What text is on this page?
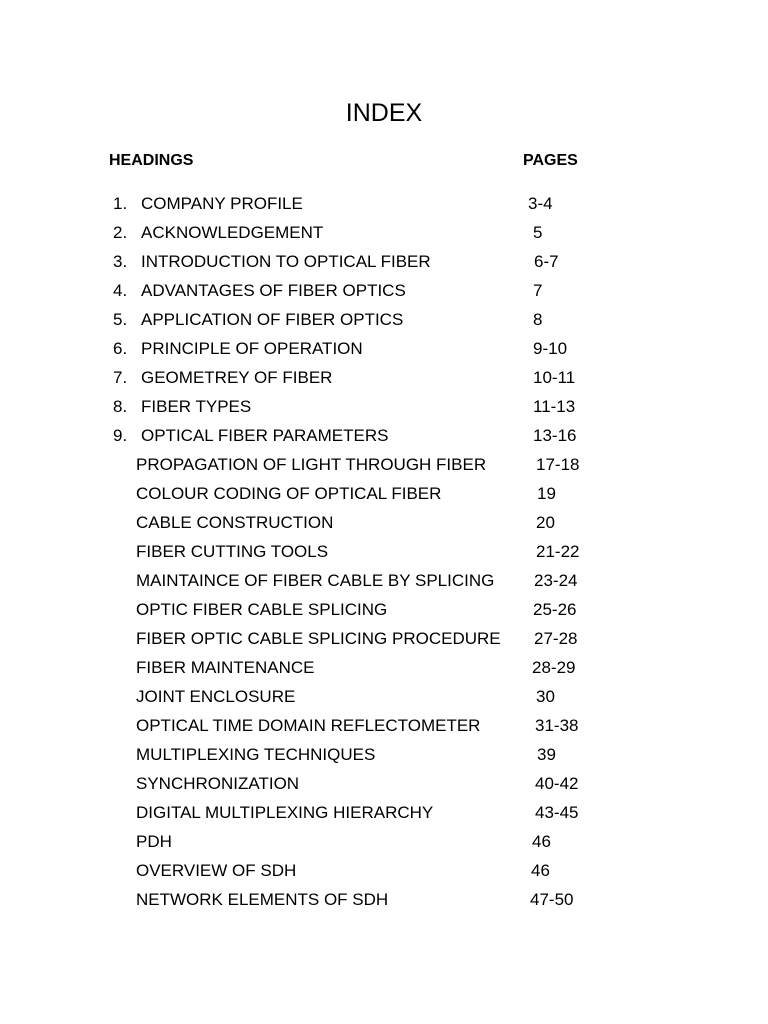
INDEX
HEADINGS	PAGES
1. COMPANY PROFILE	3-4
2. ACKNOWLEDGEMENT	5
3. INTRODUCTION TO OPTICAL FIBER	6-7
4. ADVANTAGES OF FIBER OPTICS	7
5. APPLICATION OF FIBER OPTICS	8
6. PRINCIPLE OF OPERATION	9-10
7. GEOMETREY OF FIBER	10-11
8. FIBER TYPES	11-13
9. OPTICAL FIBER PARAMETERS	13-16
PROPAGATION OF LIGHT THROUGH FIBER	17-18
COLOUR CODING OF OPTICAL FIBER	19
CABLE CONSTRUCTION	20
FIBER CUTTING TOOLS	21-22
MAINTAINCE OF FIBER CABLE BY SPLICING 23-24
OPTIC FIBER CABLE SPLICING	25-26
FIBER OPTIC CABLE SPLICING PROCEDURE 27-28
FIBER MAINTENANCE	28-29
JOINT ENCLOSURE	30
OPTICAL TIME DOMAIN REFLECTOMETER	31-38
MULTIPLEXING TECHNIQUES	39
SYNCHRONIZATION	40-42
DIGITAL MULTIPLEXING HIERARCHY	43-45
PDH	46
OVERVIEW OF SDH	46
NETWORK ELEMENTS OF SDH	47-50
